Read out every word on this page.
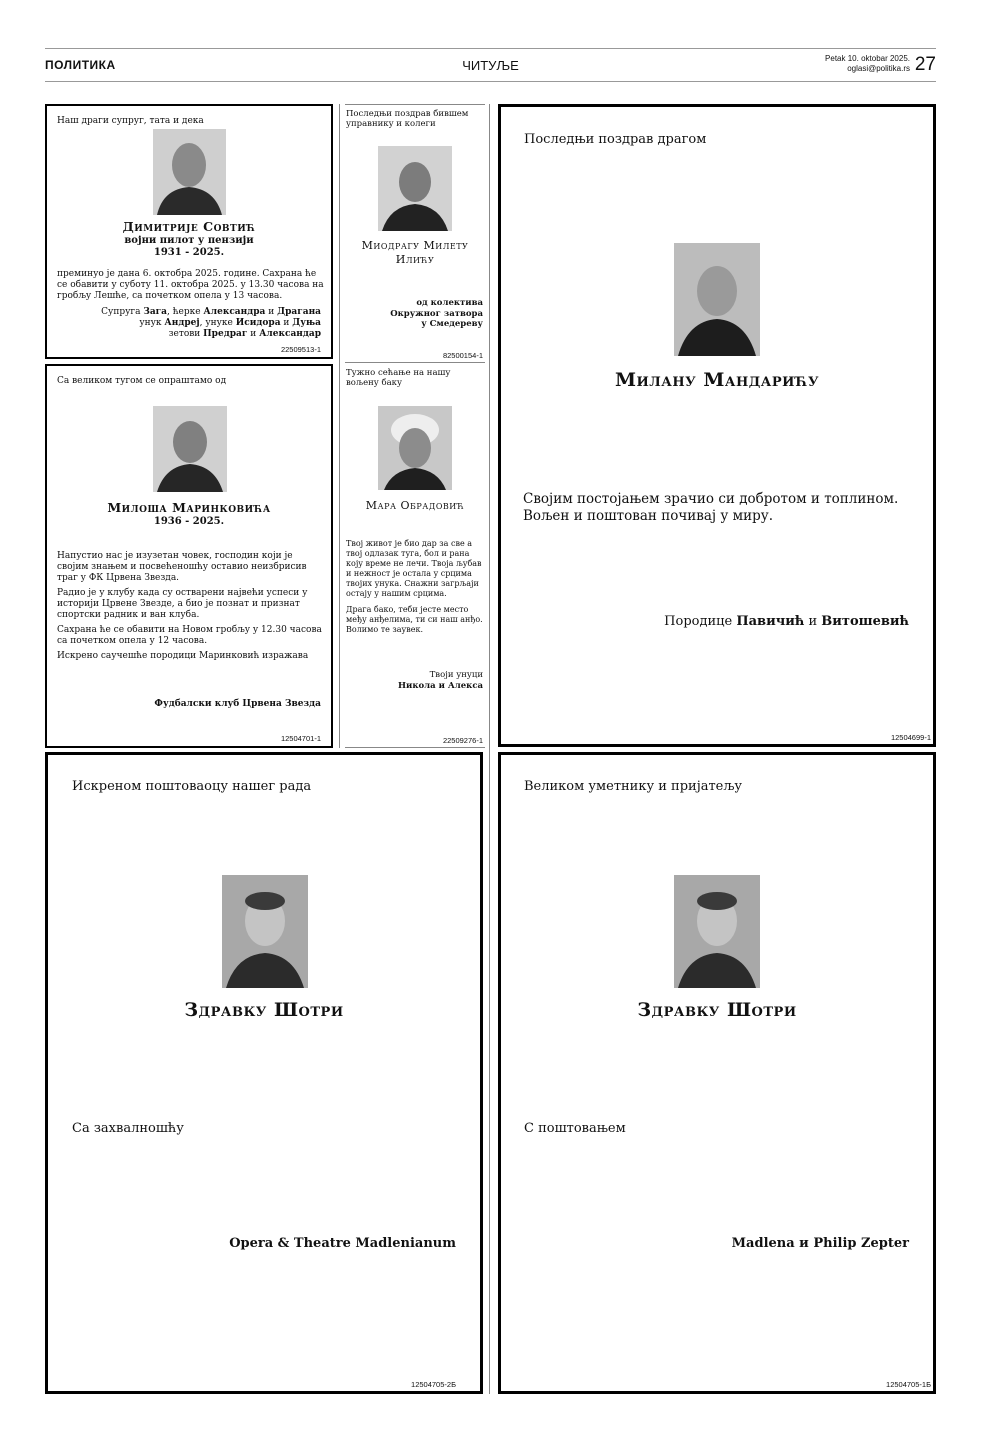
ПОЛИТИКА	ЧИТУЉЕ	Petak 10. oktobar 2025.
oglasi@politika.rs 27
Наш драги супруг, тата и дека
Димитрије Совтић
војни пилот у пензији
1931 - 2025.
преминуо је дана 6. октобра 2025. године. Сахрана ће се обавити у суботу 11. октобра 2025. у 13.30 часова на гробљу Лешће, са почетком опела у 13 часова.
Супруга Зага, ћерке Александра и Драгана
унук Андреј, унуке Исидора и Дуња
зетови Предраг и Александар
22509513-1
Последњи поздрав бившем управнику и колеги
Миодрагу Милету
Илићу
од колектива
Окружног затвора
у Смедереву
82500154-1
Последњи поздрав драгом
Милану Мандарићу
Својим постојањем зрачио си добротом и топлином. Вољен и поштован почивај у миру.
Породице Павичић и Витошевић
12504699-1
Са великом тугом се опраштамо од
Милоша Маринковића
1936 - 2025.
Напустио нас је изузетан човек, господин који је својим знањем и посвећеношћу оставио неизбрисив траг у ФК Црвена Звезда.
Радио је у клубу када су остварени највећи успеси у историји Црвене Звезде, а био је познат и признат спортски радник и ван клуба.
Сахрана ће се обавити на Новом гробљу у 12.30 часова са почетком опела у 12 часова.
Искрено саучешће породици Маринковић изражава
Фудбалски клуб Црвена Звезда
12504701-1
Тужно сећање на нашу вољену баку
Мара Обрадовић
Твој живот је био дар за све а твој одлазак туга, бол и рана коју време не лечи. Твоја љубав и нежност је остала у срцима твојих унука. Снажни загрљаји остају у нашим срцима.
Драга бако, теби јесте место међу анђелима, ти си наш анђо. Волимо те заувек.
Твоји унуци
Никола и Алекса
22509276-1
Искреном поштоваоцу нашег рада
Здравку Шотри
Са захвалношћу
Opera & Theatre Madlenianum
12504705-2Б
Великом уметнику и пријатељу
Здравку Шотри
С поштовањем
Madlena и Philip Zepter
12504705-1Б
